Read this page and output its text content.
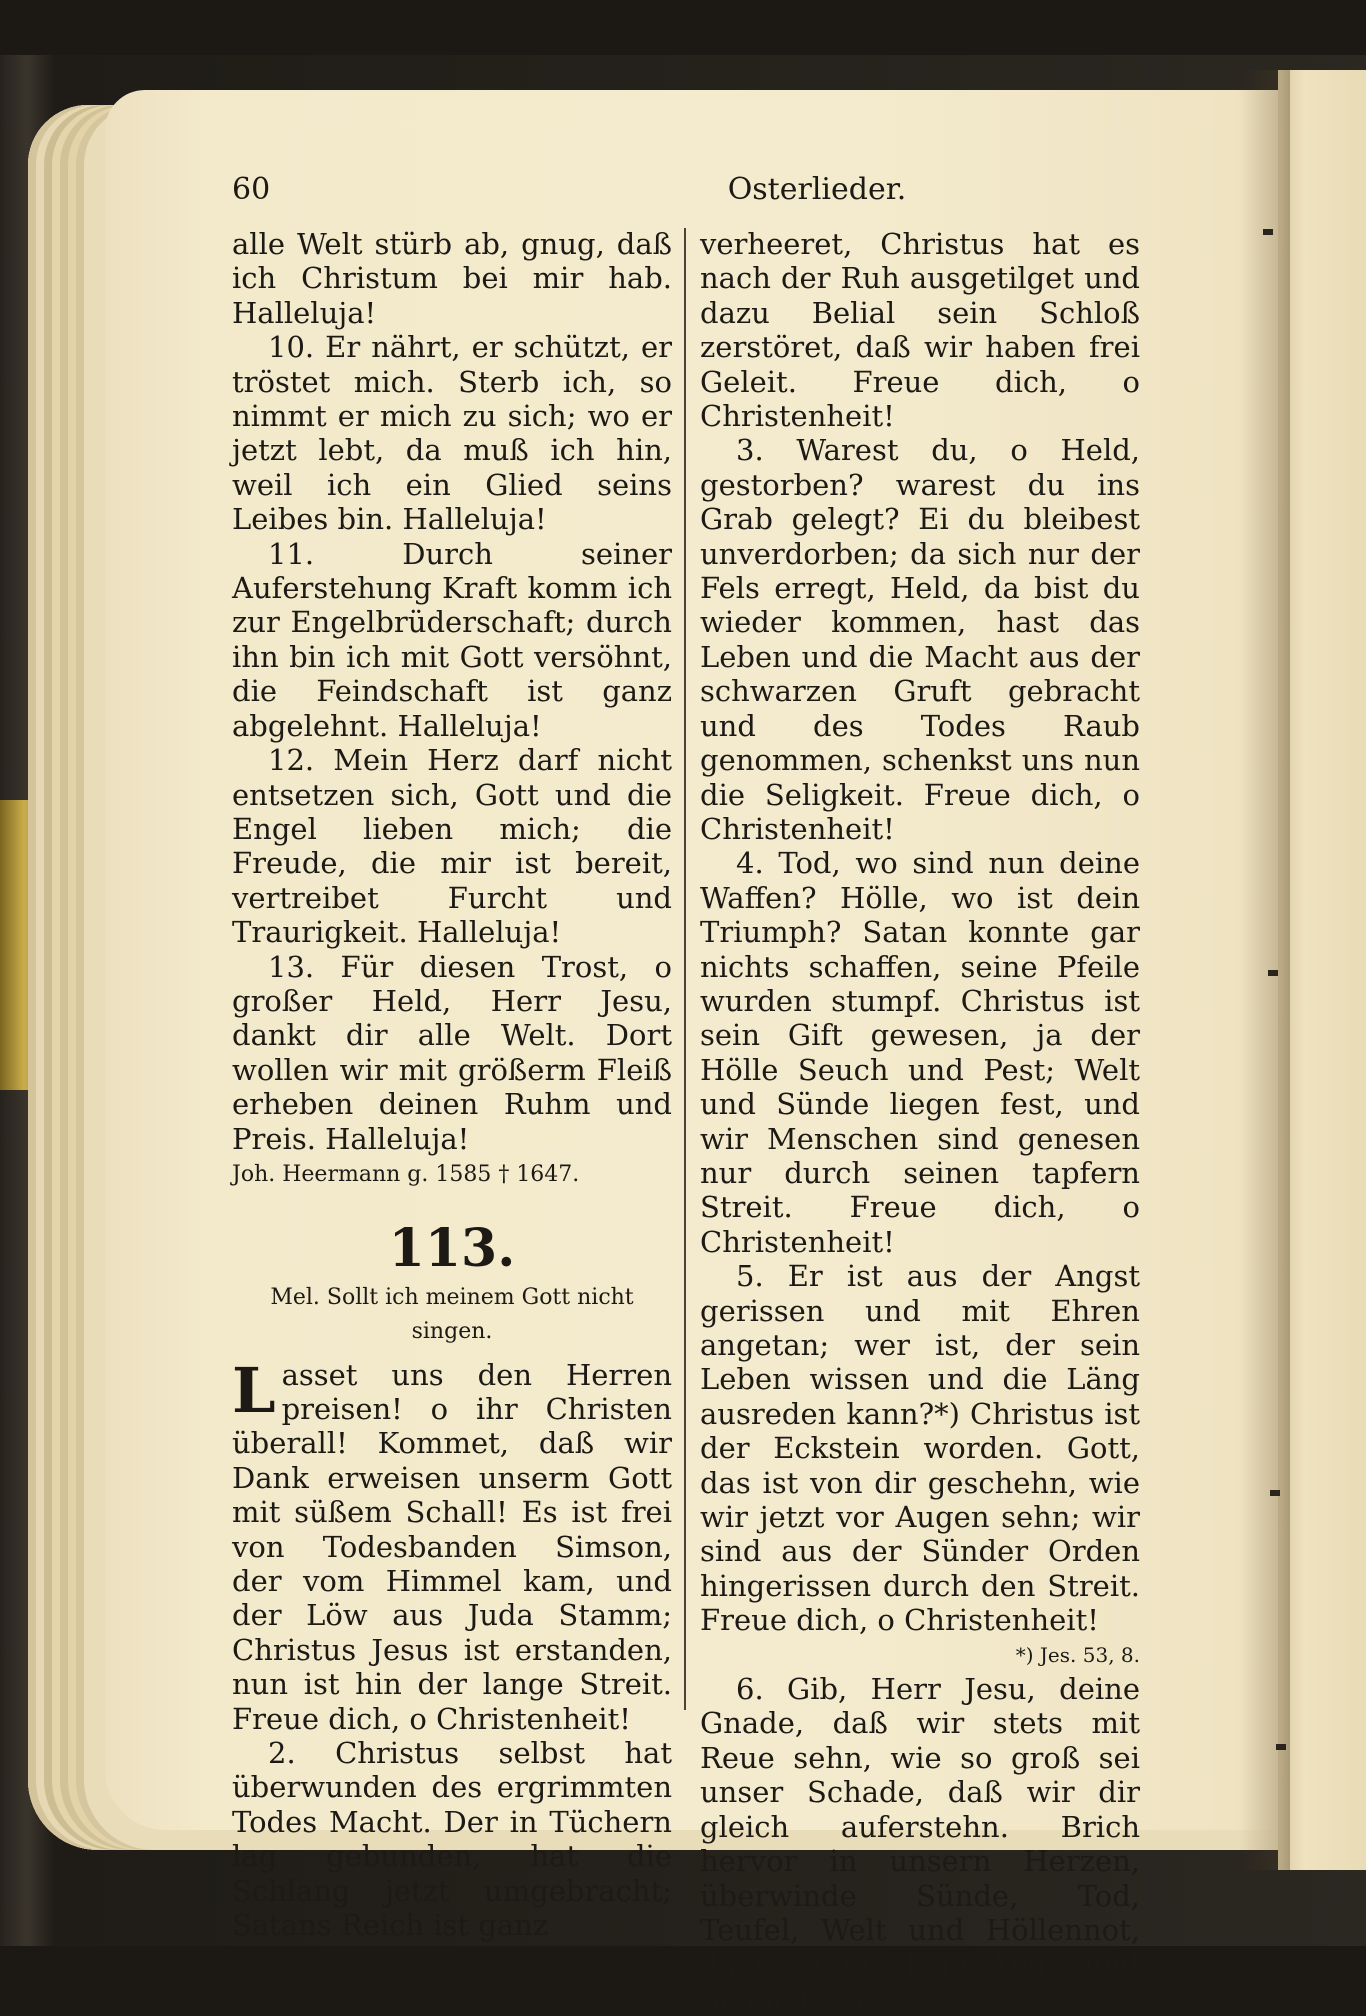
60	Osterlieder.

alle Welt stürb ab, gnug, daß ich Christum bei mir hab. Halleluja!

10. Er nährt, er schützt, er tröstet mich. Sterb ich, so nimmt er mich zu sich; wo er jetzt lebt, da muß ich hin, weil ich ein Glied seins Leibes bin. Halleluja!

11. Durch seiner Auferstehung Kraft komm ich zur Engelbrüderschaft; durch ihn bin ich mit Gott versöhnt, die Feindschaft ist ganz abgelehnt. Halleluja!

12. Mein Herz darf nicht entsetzen sich, Gott und die Engel lieben mich; die Freude, die mir ist bereit, vertreibet Furcht und Traurigkeit. Halleluja!

13. Für diesen Trost, o großer Held, Herr Jesu, dankt dir alle Welt. Dort wollen wir mit größerm Fleiß erheben deinen Ruhm und Preis. Halleluja!

Joh. Heermann g. 1585 † 1647.

113.

Mel. Sollt ich meinem Gott nicht singen.

Lasset uns den Herren preisen! o ihr Christen überall! Kommet, daß wir Dank erweisen unserm Gott mit süßem Schall! Es ist frei von Todesbanden Simson, der vom Himmel kam, und der Löw aus Juda Stamm; Christus Jesus ist erstanden, nun ist hin der lange Streit. Freue dich, o Christenheit!

2. Christus selbst hat überwunden des ergrimmten Todes Macht. Der in Tüchern lag gebunden, hat die Schlang jetzt umgebracht; Satans Reich ist ganz

verheeret, Christus hat es nach der Ruh ausgetilget und dazu Belial sein Schloß zerstöret, daß wir haben frei Geleit. Freue dich, o Christenheit!

3. Warest du, o Held, gestorben? warest du ins Grab gelegt? Ei du bleibest unverdorben; da sich nur der Fels erregt, Held, da bist du wieder kommen, hast das Leben und die Macht aus der schwarzen Gruft gebracht und des Todes Raub genommen, schenkst uns nun die Seligkeit. Freue dich, o Christenheit!

4. Tod, wo sind nun deine Waffen? Hölle, wo ist dein Triumph? Satan konnte gar nichts schaffen, seine Pfeile wurden stumpf. Christus ist sein Gift gewesen, ja der Hölle Seuch und Pest; Welt und Sünde liegen fest, und wir Menschen sind genesen nur durch seinen tapfern Streit. Freue dich, o Christenheit!

5. Er ist aus der Angst gerissen und mit Ehren angetan; wer ist, der sein Leben wissen und die Läng ausreden kann?*) Christus ist der Eckstein worden. Gott, das ist von dir geschehn, wie wir jetzt vor Augen sehn; wir sind aus der Sünder Orden hingerissen durch den Streit. Freue dich, o Christenheit!
*) Jes. 53, 8.

6. Gib, Herr Jesu, deine Gnade, daß wir stets mit Reue sehn, wie so groß sei unser Schade, daß wir dir gleich auferstehn. Brich hervor in unsern Herzen, überwinde Sünde, Tod, Teufel, Welt und Höllennot, dämpf in uns Pein, Angst und Schmerzen
